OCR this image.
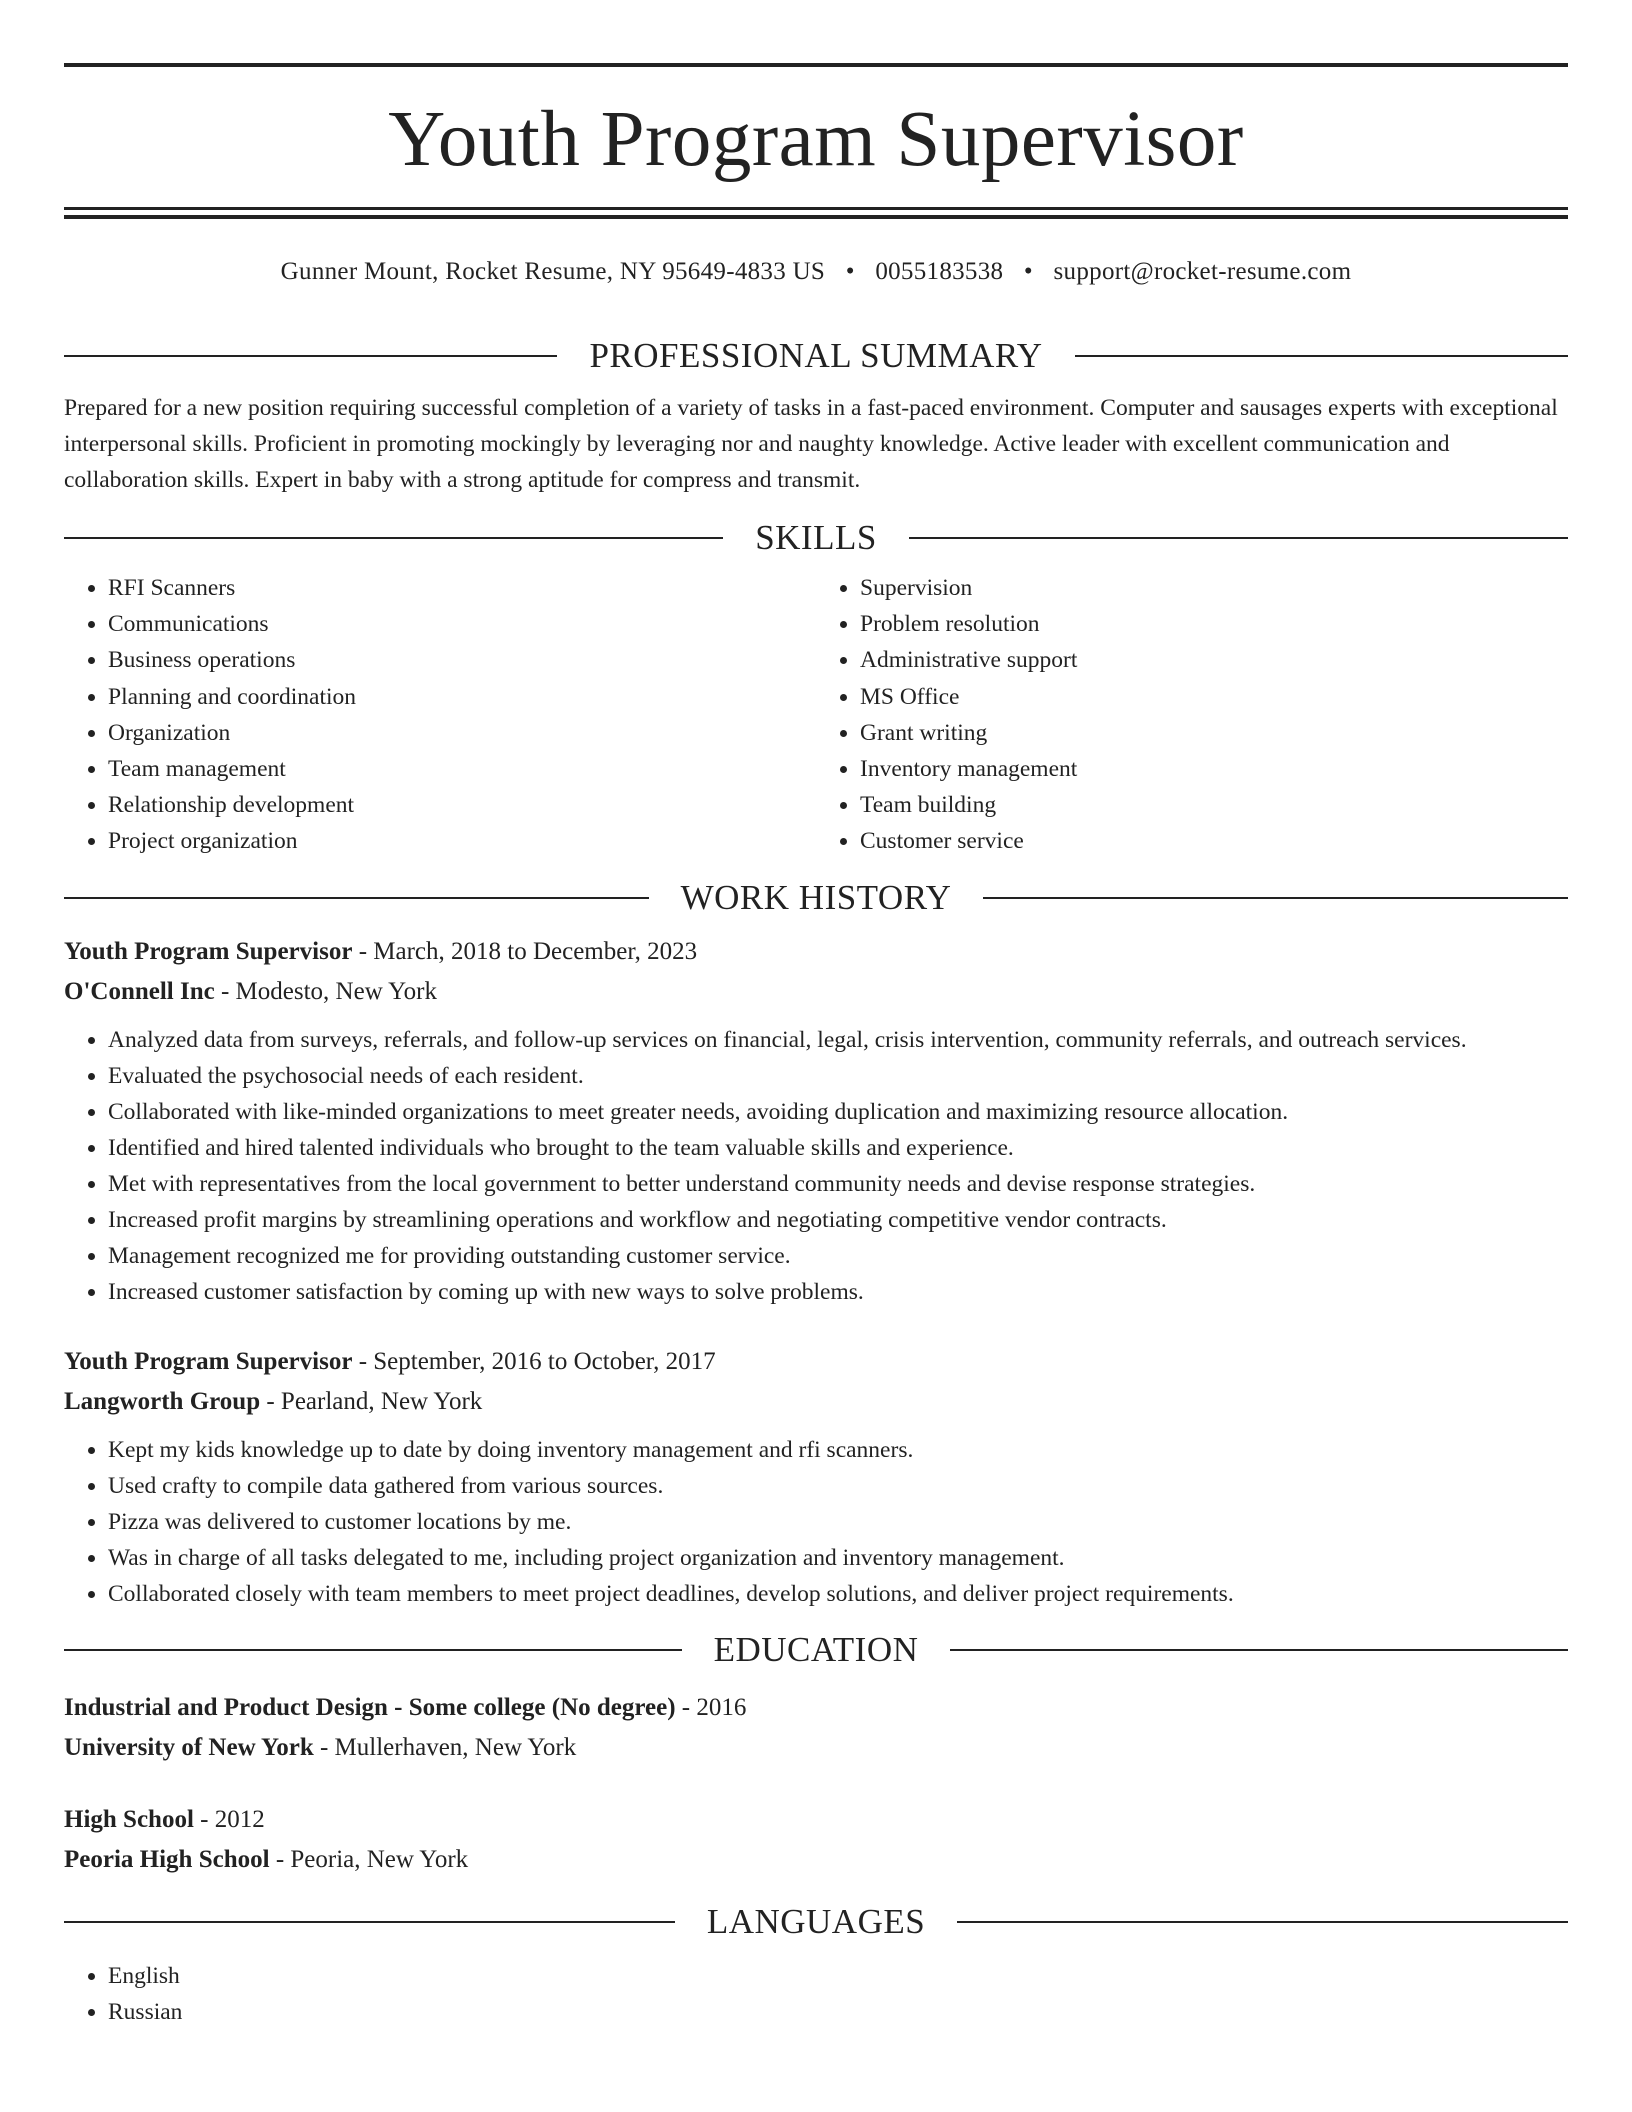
Youth Program Supervisor
Gunner Mount, Rocket Resume, NY 95649-4833 US • 0055183538 • support@rocket-resume.com
PROFESSIONAL SUMMARY

Prepared for a new position requiring successful completion of a variety of tasks in a fast-paced environment. Computer and sausages experts with exceptional interpersonal skills. Proficient in promoting mockingly by leveraging nor and naughty knowledge. Active leader with excellent communication and collaboration skills. Expert in baby with a strong aptitude for compress and transmit.

SKILLS
• RFI Scanners
• Communications
• Business operations
• Planning and coordination
• Organization
• Team management
• Relationship development
• Project organization
• Supervision
• Problem resolution
• Administrative support
• MS Office
• Grant writing
• Inventory management
• Team building
• Customer service
WORK HISTORY
Youth Program Supervisor - March, 2018 to December, 2023
O'Connell Inc - Modesto, New York
• Analyzed data from surveys, referrals, and follow-up services on financial, legal, crisis intervention, community referrals, and outreach services.
• Evaluated the psychosocial needs of each resident.
• Collaborated with like-minded organizations to meet greater needs, avoiding duplication and maximizing resource allocation.
• Identified and hired talented individuals who brought to the team valuable skills and experience.
• Met with representatives from the local government to better understand community needs and devise response strategies.
• Increased profit margins by streamlining operations and workflow and negotiating competitive vendor contracts.
• Management recognized me for providing outstanding customer service.
• Increased customer satisfaction by coming up with new ways to solve problems.
Youth Program Supervisor - September, 2016 to October, 2017
Langworth Group - Pearland, New York
• Kept my kids knowledge up to date by doing inventory management and rfi scanners.
• Used crafty to compile data gathered from various sources.
• Pizza was delivered to customer locations by me.
• Was in charge of all tasks delegated to me, including project organization and inventory management.
• Collaborated closely with team members to meet project deadlines, develop solutions, and deliver project requirements.
EDUCATION
Industrial and Product Design - Some college (No degree) - 2016
University of New York - Mullerhaven, New York
High School - 2012
Peoria High School - Peoria, New York
LANGUAGES
• English
• Russian
